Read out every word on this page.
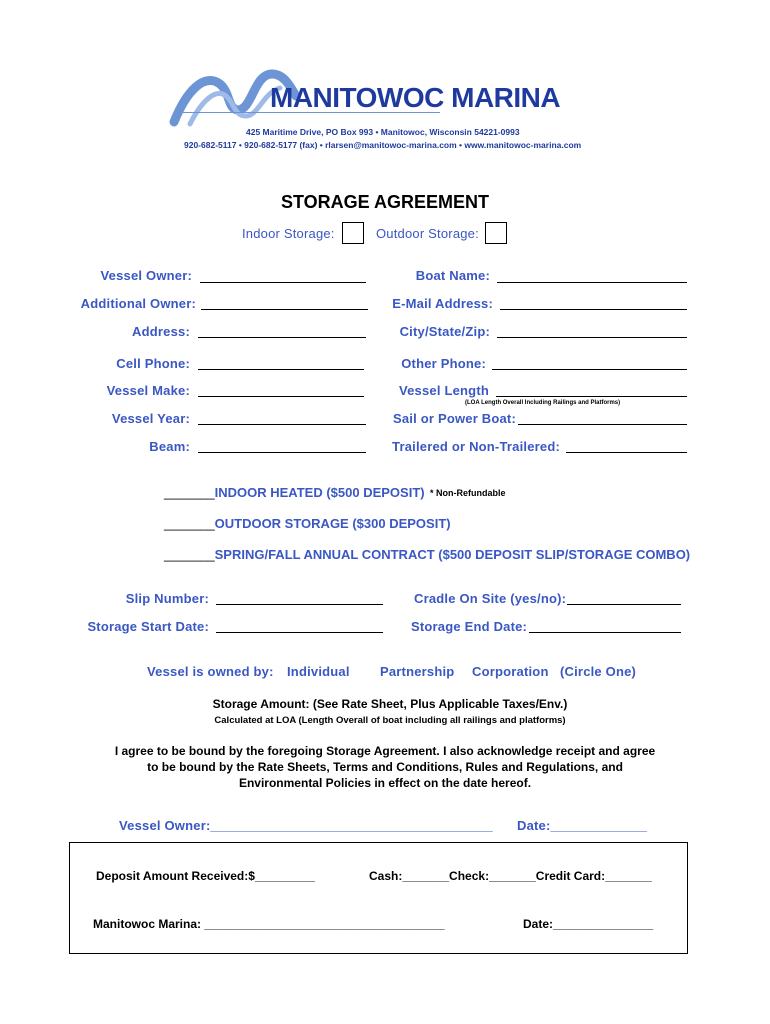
MANITOWOC MARINA
425 Maritime Drive, PO Box 993 • Manitowoc, Wisconsin 54221-0993
920-682-5117 • 920-682-5177 (fax) • rlarsen@manitowoc-marina.com • www.manitowoc-marina.com
STORAGE AGREEMENT
Indoor Storage:	Outdoor Storage:
Vessel Owner:	Boat Name:
Additional Owner:	E-Mail Address:
Address:	City/State/Zip:
Cell Phone:	Other Phone:
Vessel Make:	Vessel Length
(LOA Length Overall Including Railings and Platforms)
Vessel Year:	Sail or Power Boat:
Beam:	Trailered or Non-Trailered:
_______INDOOR HEATED ($500 DEPOSIT) * Non-Refundable
_______OUTDOOR STORAGE ($300 DEPOSIT)
_______SPRING/FALL ANNUAL CONTRACT ($500 DEPOSIT SLIP/STORAGE COMBO)
Slip Number:	Cradle On Site (yes/no):
Storage Start Date:	Storage End Date:
Vessel is owned by: Individual Partnership Corporation (Circle One)
Storage Amount: (See Rate Sheet, Plus Applicable Taxes/Env.)
Calculated at LOA (Length Overall of boat including all railings and platforms)
I agree to be bound by the foregoing Storage Agreement. I also acknowledge receipt and agree
to be bound by the Rate Sheets, Terms and Conditions, Rules and Regulations, and
Environmental Policies in effect on the date hereof.
Vessel Owner:______________________________________ Date:_____________
Deposit Amount Received:$_________	Cash:_______Check:_______Credit Card:_______
Manitowoc Marina: ____________________________________	Date:_______________
